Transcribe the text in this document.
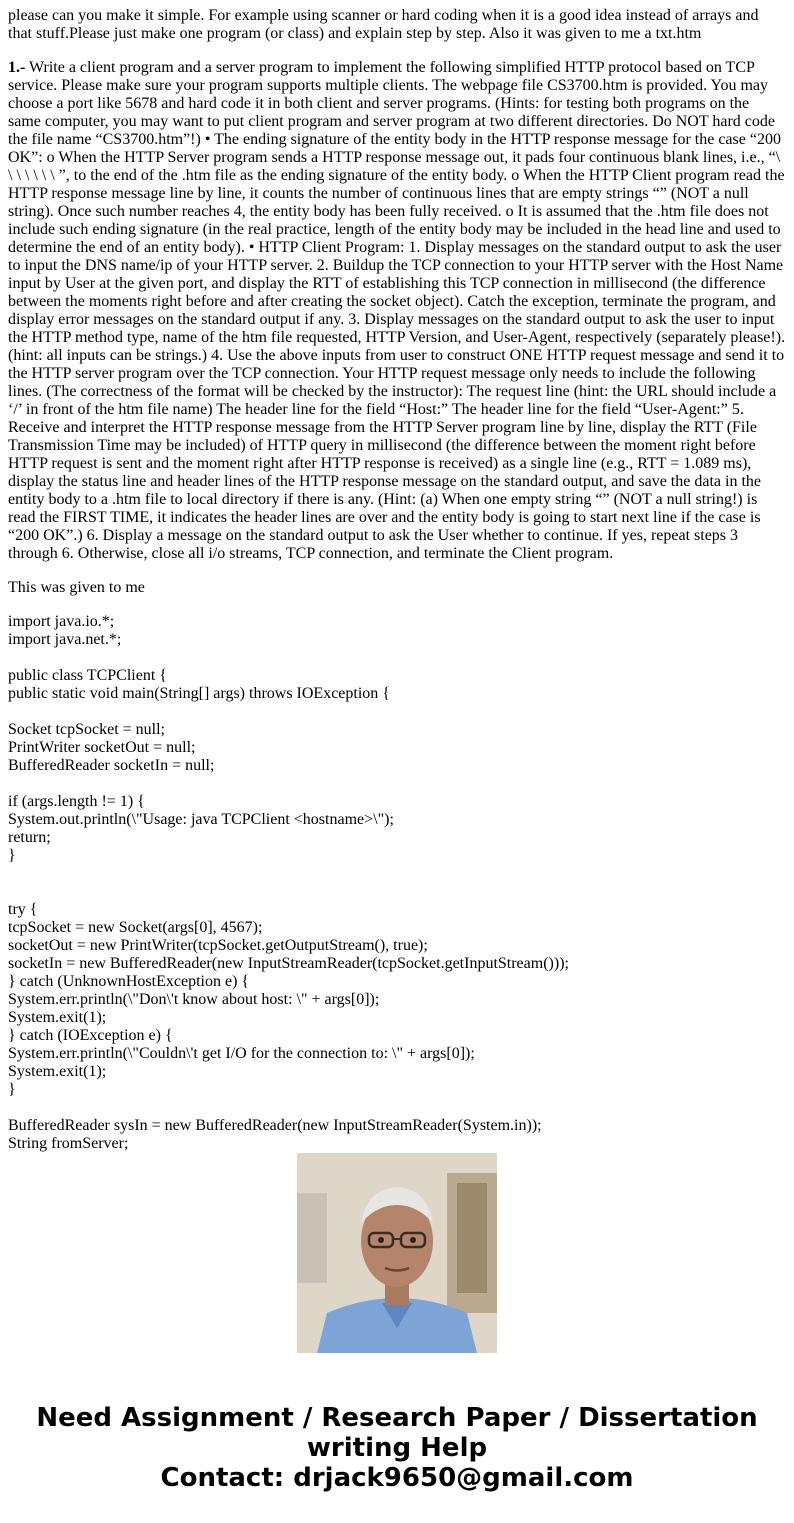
please can you make it simple. For example using scanner or hard coding when it is a good idea instead of arrays and that stuff.Please just make one program (or class) and explain step by step. Also it was given to me a txt.htm

1.- Write a client program and a server program to implement the following simplified HTTP protocol based on TCP service. Please make sure your program supports multiple clients. The webpage file CS3700.htm is provided. You may choose a port like 5678 and hard code it in both client and server programs. (Hints: for testing both programs on the same computer, you may want to put client program and server program at two different directories. Do NOT hard code the file name “CS3700.htm”!) • The ending signature of the entity body in the HTTP response message for the case “200 OK”: o When the HTTP Server program sends a HTTP response message out, it pads four continuous blank lines, i.e., “\ \ \ \ \ \ \ ”, to the end of the .htm file as the ending signature of the entity body. o When the HTTP Client program read the HTTP response message line by line, it counts the number of continuous lines that are empty strings “” (NOT a null string). Once such number reaches 4, the entity body has been fully received. o It is assumed that the .htm file does not include such ending signature (in the real practice, length of the entity body may be included in the head line and used to determine the end of an entity body). • HTTP Client Program: 1. Display messages on the standard output to ask the user to input the DNS name/ip of your HTTP server. 2. Buildup the TCP connection to your HTTP server with the Host Name input by User at the given port, and display the RTT of establishing this TCP connection in millisecond (the difference between the moments right before and after creating the socket object). Catch the exception, terminate the program, and display error messages on the standard output if any. 3. Display messages on the standard output to ask the user to input the HTTP method type, name of the htm file requested, HTTP Version, and User-Agent, respectively (separately please!). (hint: all inputs can be strings.) 4. Use the above inputs from user to construct ONE HTTP request message and send it to the HTTP server program over the TCP connection. Your HTTP request message only needs to include the following lines. (The correctness of the format will be checked by the instructor): The request line (hint: the URL should include a ‘/’ in front of the htm file name) The header line for the field “Host:” The header line for the field “User-Agent:” 5. Receive and interpret the HTTP response message from the HTTP Server program line by line, display the RTT (File Transmission Time may be included) of HTTP query in millisecond (the difference between the moment right before HTTP request is sent and the moment right after HTTP response is received) as a single line (e.g., RTT = 1.089 ms), display the status line and header lines of the HTTP response message on the standard output, and save the data in the entity body to a .htm file to local directory if there is any. (Hint: (a) When one empty string “” (NOT a null string!) is read the FIRST TIME, it indicates the header lines are over and the entity body is going to start next line if the case is “200 OK”.) 6. Display a message on the standard output to ask the User whether to continue. If yes, repeat steps 3 through 6. Otherwise, close all i/o streams, TCP connection, and terminate the Client program.

This was given to me

import java.io.*;
import java.net.*;
public class TCPClient {
public static void main(String[] args) throws IOException {
Socket tcpSocket = null;
PrintWriter socketOut = null;
BufferedReader socketIn = null;
if (args.length != 1) {
System.out.println(\"Usage: java TCPClient <hostname>\");
return;
}
try {
tcpSocket = new Socket(args[0], 4567);
socketOut = new PrintWriter(tcpSocket.getOutputStream(), true);
socketIn = new BufferedReader(new InputStreamReader(tcpSocket.getInputStream()));
} catch (UnknownHostException e) {
System.err.println(\"Don\'t know about host: \" + args[0]);
System.exit(1);
} catch (IOException e) {
System.err.println(\"Couldn\'t get I/O for the connection to: \" + args[0]);
System.exit(1);
}
BufferedReader sysIn = new BufferedReader(new InputStreamReader(System.in));
String fromServer;
Need Assignment / Research Paper / Dissertation
writing Help
Contact: drjack9650@gmail.com
